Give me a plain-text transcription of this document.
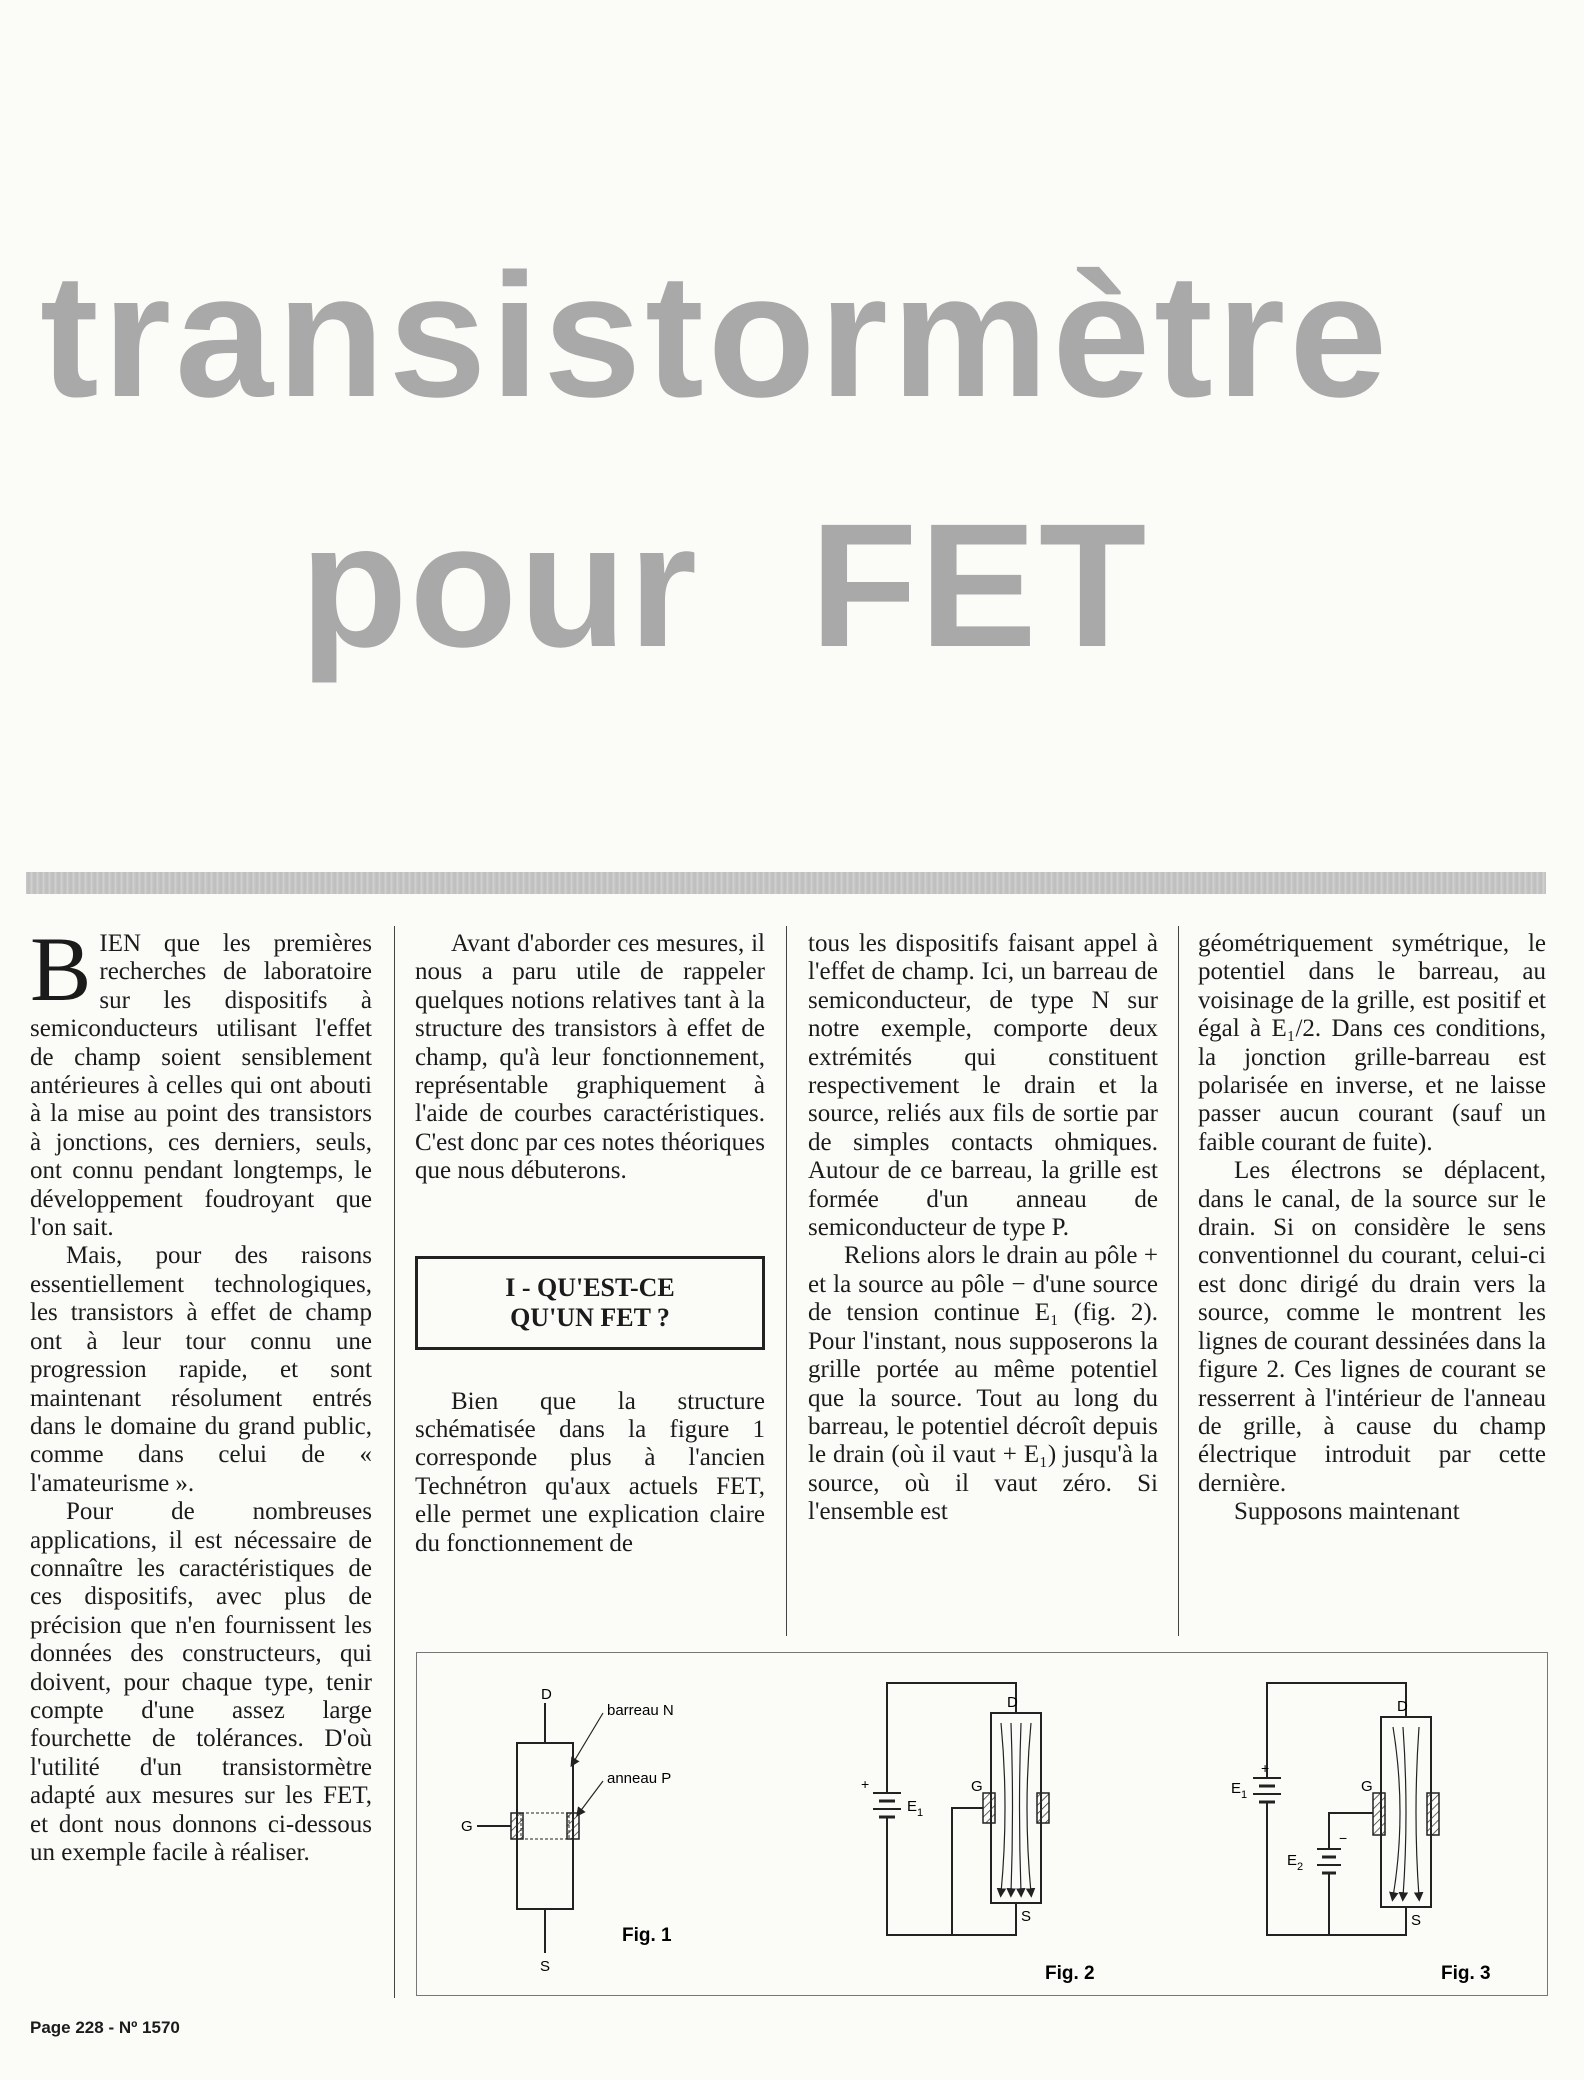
transistormètre
pour FET

BIEN que les premières recherches de laboratoire sur les dispositifs à semiconducteurs utilisant l'effet de champ soient sensiblement antérieures à celles qui ont abouti à la mise au point des transistors à jonctions, ces derniers, seuls, ont connu pendant longtemps, le développement foudroyant que l'on sait.

Mais, pour des raisons essentiellement technologiques, les transistors à effet de champ ont à leur tour connu une progression rapide, et sont maintenant résolument entrés dans le domaine du grand public, comme dans celui de « l'amateurisme ».

Pour de nombreuses applications, il est nécessaire de connaître les caractéristiques de ces dispositifs, avec plus de précision que n'en fournissent les données des constructeurs, qui doivent, pour chaque type, tenir compte d'une assez large fourchette de tolérances. D'où l'utilité d'un transistormètre adapté aux mesures sur les FET, et dont nous donnons ci-dessous un exemple facile à réaliser.

Avant d'aborder ces mesures, il nous a paru utile de rappeler quelques notions relatives tant à la structure des transistors à effet de champ, qu'à leur fonctionnement, représentable graphiquement à l'aide de courbes caractéristiques. C'est donc par ces notes théoriques que nous débuterons.

I - QU'EST-CE
QU'UN FET ?

Bien que la structure schématisée dans la figure 1 corresponde plus à l'ancien Technétron qu'aux actuels FET, elle permet une explication claire du fonctionnement de

tous les dispositifs faisant appel à l'effet de champ. Ici, un barreau de semiconducteur, de type N sur notre exemple, comporte deux extrémités qui constituent respectivement le drain et la source, reliés aux fils de sortie par de simples contacts ohmiques. Autour de ce barreau, la grille est formée d'un anneau de semiconducteur de type P.

Relions alors le drain au pôle + et la source au pôle − d'une source de tension continue E₁ (fig. 2). Pour l'instant, nous supposerons la grille portée au même potentiel que la source. Tout au long du barreau, le potentiel décroît depuis le drain (où il vaut + E₁) jusqu'à la source, où il vaut zéro. Si l'ensemble est

géométriquement symétrique, le potentiel dans le barreau, au voisinage de la grille, est positif et égal à E₁/2. Dans ces conditions, la jonction grille-barreau est polarisée en inverse, et ne laisse passer aucun courant (sauf un faible courant de fuite).

Les électrons se déplacent, dans le canal, de la source sur le drain. Si on considère le sens conventionnel du courant, celui-ci est donc dirigé du drain vers la source, comme le montrent les lignes de courant dessinées dans la figure 2. Ces lignes de courant se resserrent à l'intérieur de l'anneau de grille, à cause du champ électrique introduit par cette dernière.

Supposons maintenant

D
G
S
barreau N
anneau P
Fig. 1
D
G
S
+
E 1
Fig. 2
D
G
S
+
E 1
−
E 2
Fig. 3
Page 228 - Nº 1570
